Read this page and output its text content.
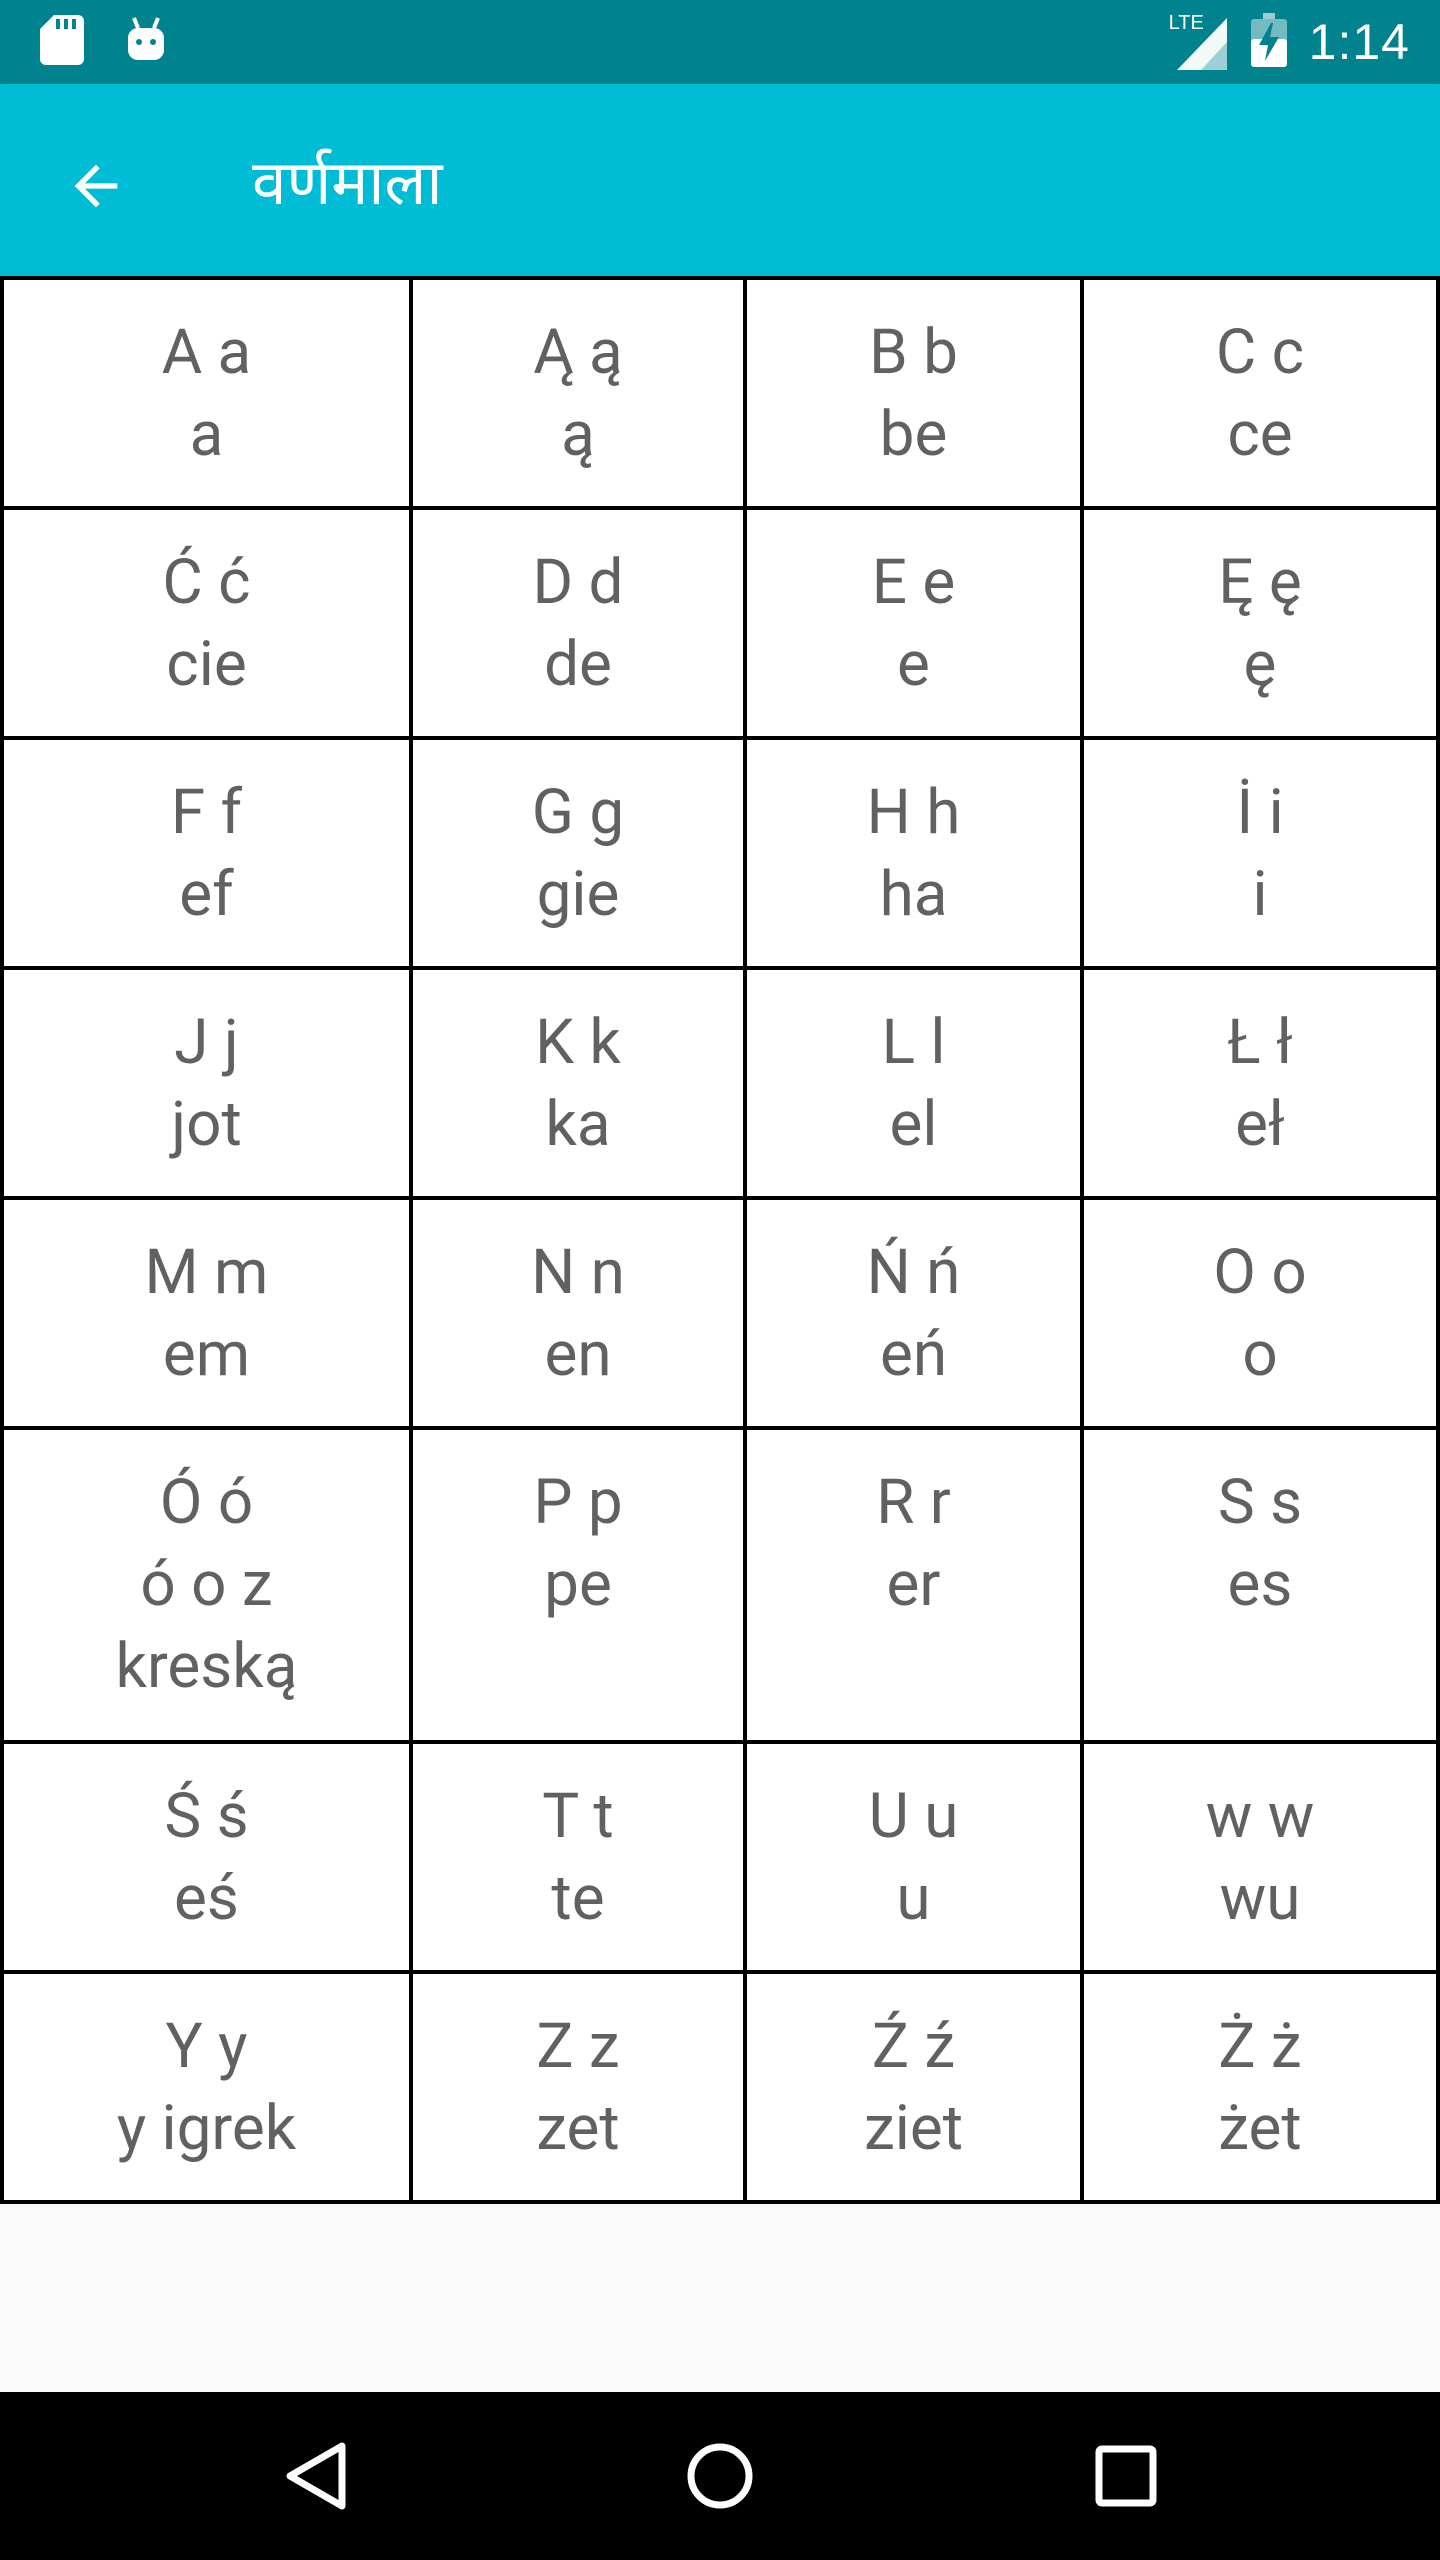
LTE 1:14
वर्णमाला
A a
a
Ą ą
ą
B b
be
C c
ce
Ć ć
cie
D d
de
E e
e
Ę ę
ę
F f
ef
G g
gie
H h
ha
İ i
i
J j
jot
K k
ka
L l
el
Ł ł
eł
M m
em
N n
en
Ń ń
eń
O o
o
Ó ó
ó o z
kreską
P p
pe
R r
er
S s
es
Ś ś
eś
T t
te
U u
u
w w
wu
Y y
y igrek
Z z
zet
Ź ź
ziet
Ż ż
żet
